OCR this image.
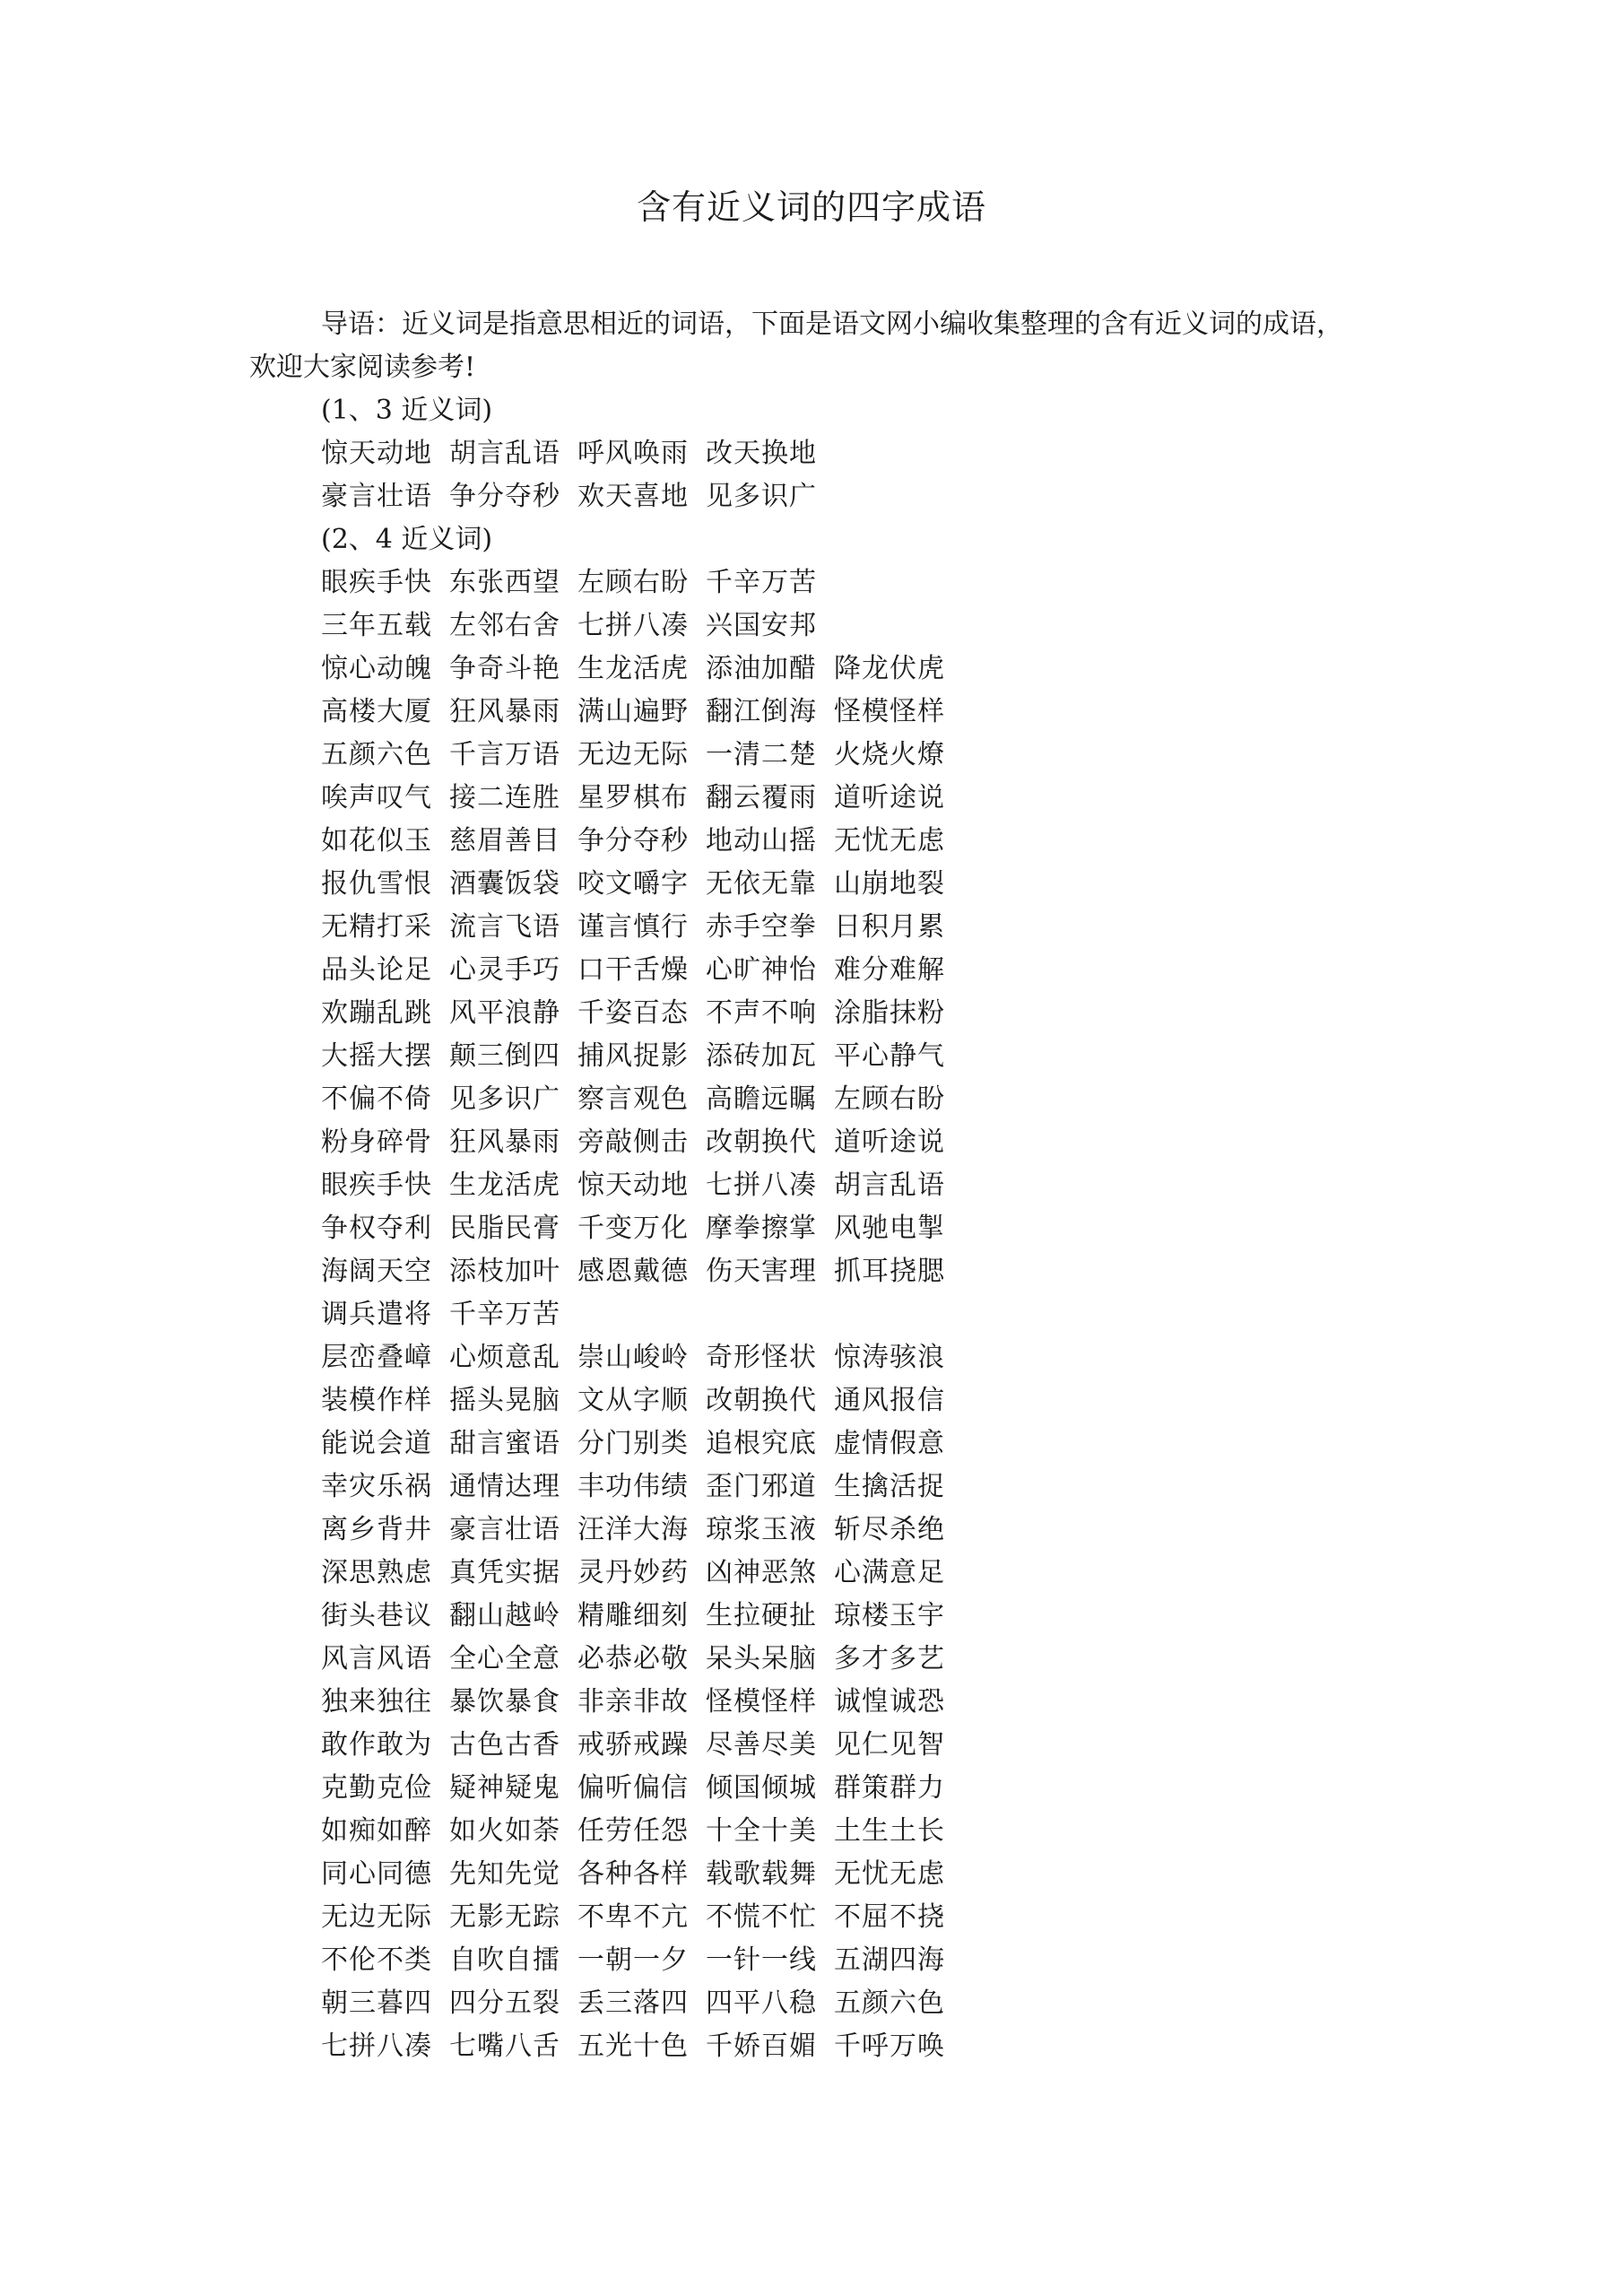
含有近义词的四字成语
导语：近义词是指意思相近的词语，下面是语文网小编收集整理的含有近义词的成语，
欢迎大家阅读参考!
(1、3 近义词)
惊天动地 胡言乱语 呼风唤雨 改天换地
豪言壮语 争分夺秒 欢天喜地 见多识广
(2、4 近义词)
眼疾手快 东张西望 左顾右盼 千辛万苦
三年五载 左邻右舍 七拼八凑 兴国安邦
惊心动魄 争奇斗艳 生龙活虎 添油加醋 降龙伏虎
高楼大厦 狂风暴雨 满山遍野 翻江倒海 怪模怪样
五颜六色 千言万语 无边无际 一清二楚 火烧火燎
唉声叹气 接二连胜 星罗棋布 翻云覆雨 道听途说
如花似玉 慈眉善目 争分夺秒 地动山摇 无忧无虑
报仇雪恨 酒囊饭袋 咬文嚼字 无依无靠 山崩地裂
无精打采 流言飞语 谨言慎行 赤手空拳 日积月累
品头论足 心灵手巧 口干舌燥 心旷神怡 难分难解
欢蹦乱跳 风平浪静 千姿百态 不声不响 涂脂抹粉
大摇大摆 颠三倒四 捕风捉影 添砖加瓦 平心静气
不偏不倚 见多识广 察言观色 高瞻远瞩 左顾右盼
粉身碎骨 狂风暴雨 旁敲侧击 改朝换代 道听途说
眼疾手快 生龙活虎 惊天动地 七拼八凑 胡言乱语
争权夺利 民脂民膏 千变万化 摩拳擦掌 风驰电掣
海阔天空 添枝加叶 感恩戴德 伤天害理 抓耳挠腮
调兵遣将 千辛万苦
层峦叠嶂 心烦意乱 崇山峻岭 奇形怪状 惊涛骇浪
装模作样 摇头晃脑 文从字顺 改朝换代 通风报信
能说会道 甜言蜜语 分门别类 追根究底 虚情假意
幸灾乐祸 通情达理 丰功伟绩 歪门邪道 生擒活捉
离乡背井 豪言壮语 汪洋大海 琼浆玉液 斩尽杀绝
深思熟虑 真凭实据 灵丹妙药 凶神恶煞 心满意足
街头巷议 翻山越岭 精雕细刻 生拉硬扯 琼楼玉宇
风言风语 全心全意 必恭必敬 呆头呆脑 多才多艺
独来独往 暴饮暴食 非亲非故 怪模怪样 诚惶诚恐
敢作敢为 古色古香 戒骄戒躁 尽善尽美 见仁见智
克勤克俭 疑神疑鬼 偏听偏信 倾国倾城 群策群力
如痴如醉 如火如荼 任劳任怨 十全十美 土生土长
同心同德 先知先觉 各种各样 载歌载舞 无忧无虑
无边无际 无影无踪 不卑不亢 不慌不忙 不屈不挠
不伦不类 自吹自擂 一朝一夕 一针一线 五湖四海
朝三暮四 四分五裂 丢三落四 四平八稳 五颜六色
七拼八凑 七嘴八舌 五光十色 千娇百媚 千呼万唤
